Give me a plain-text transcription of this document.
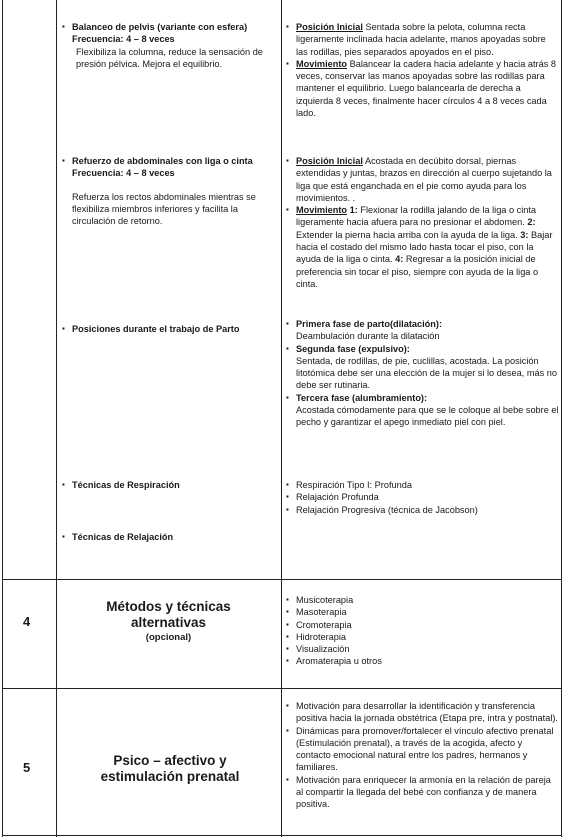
▪ Balanceo de pelvis (variante con esfera)
Frecuencia: 4 – 8 veces

Flexibiliza la columna, reduce la sensación de presión pélvica. Mejora el equilibrio.
▪ Refuerzo de abdominales con liga o cinta
Frecuencia: 4 – 8 veces
Refuerza los rectos abdominales mientras se flexibiliza miembros inferiores y facilita la circulación de retorno.
▪ Posiciones durante el trabajo de Parto
▪ Técnicas de Respiración
▪ Técnicas de Relajación
▪ Posición Inicial Sentada sobre la pelota, columna recta ligeramente inclinada hacia adelante, manos apoyadas sobre las rodillas, pies separados apoyados en el piso.
▪ Movimiento Balancear la cadera hacia adelante y hacia atrás 8 veces, conservar las manos apoyadas sobre las rodillas para mantener el equilibrio. Luego balancearla de derecha a izquierda 8 veces, finalmente hacer círculos 4 a 8 veces cada lado.
▪ Posición Inicial Acostada en decúbito dorsal, piernas extendidas y juntas, brazos en dirección al cuerpo sujetando la liga que está enganchada en el pie como ayuda para los movimientos. .
▪ Movimiento 1: Flexionar la rodilla jalando de la liga o cinta ligeramente hacia afuera para no presionar el abdomen. 2: Extender la pierna hacia arriba con la ayuda de la liga. 3: Bajar hacia el costado del mismo lado hasta tocar el piso, con la ayuda de la liga o cinta. 4: Regresar a la posición inicial de preferencia sin tocar el piso, siempre con ayuda de la liga o cinta.
▪ Primera fase de parto(dilatación):
Deambulación durante la dilatación
▪ Segunda fase (expulsivo):
Sentada, de rodillas, de pie, cuclillas, acostada. La posición litotómica debe ser una elección de la mujer si lo desea, más no debe ser rutinaria.
▪ Tercera fase (alumbramiento):
Acostada cómodamente para que se le coloque al bebe sobre el pecho y garantizar el apego inmediato piel con piel.
▪ Respiración Tipo I: Profunda
▪ Relajación Profunda
▪ Relajación Progresiva (técnica de Jacobson)
4
Métodos y técnicas alternativas
(opcional)
▪ Musicoterapia
▪ Masoterapia
▪ Cromoterapia
▪ Hidroterapia
▪ Visualización
▪ Aromaterapia u otros
5	Psico – afectivo y estimulación prenatal
▪ Motivación para desarrollar la identificación y transferencia positiva hacia la jornada obstétrica (Etapa pre, intra y postnatal).
▪ Dinámicas para promover/fortalecer el vínculo afectivo prenatal (Estimulación prenatal), a través de la acogida, afecto y contacto emocional natural entre los padres, hermanos y familiares.
▪ Motivación para enriquecer la armonía en la relación de pareja al compartir la llegada del bebé con confianza y de manera positiva.
